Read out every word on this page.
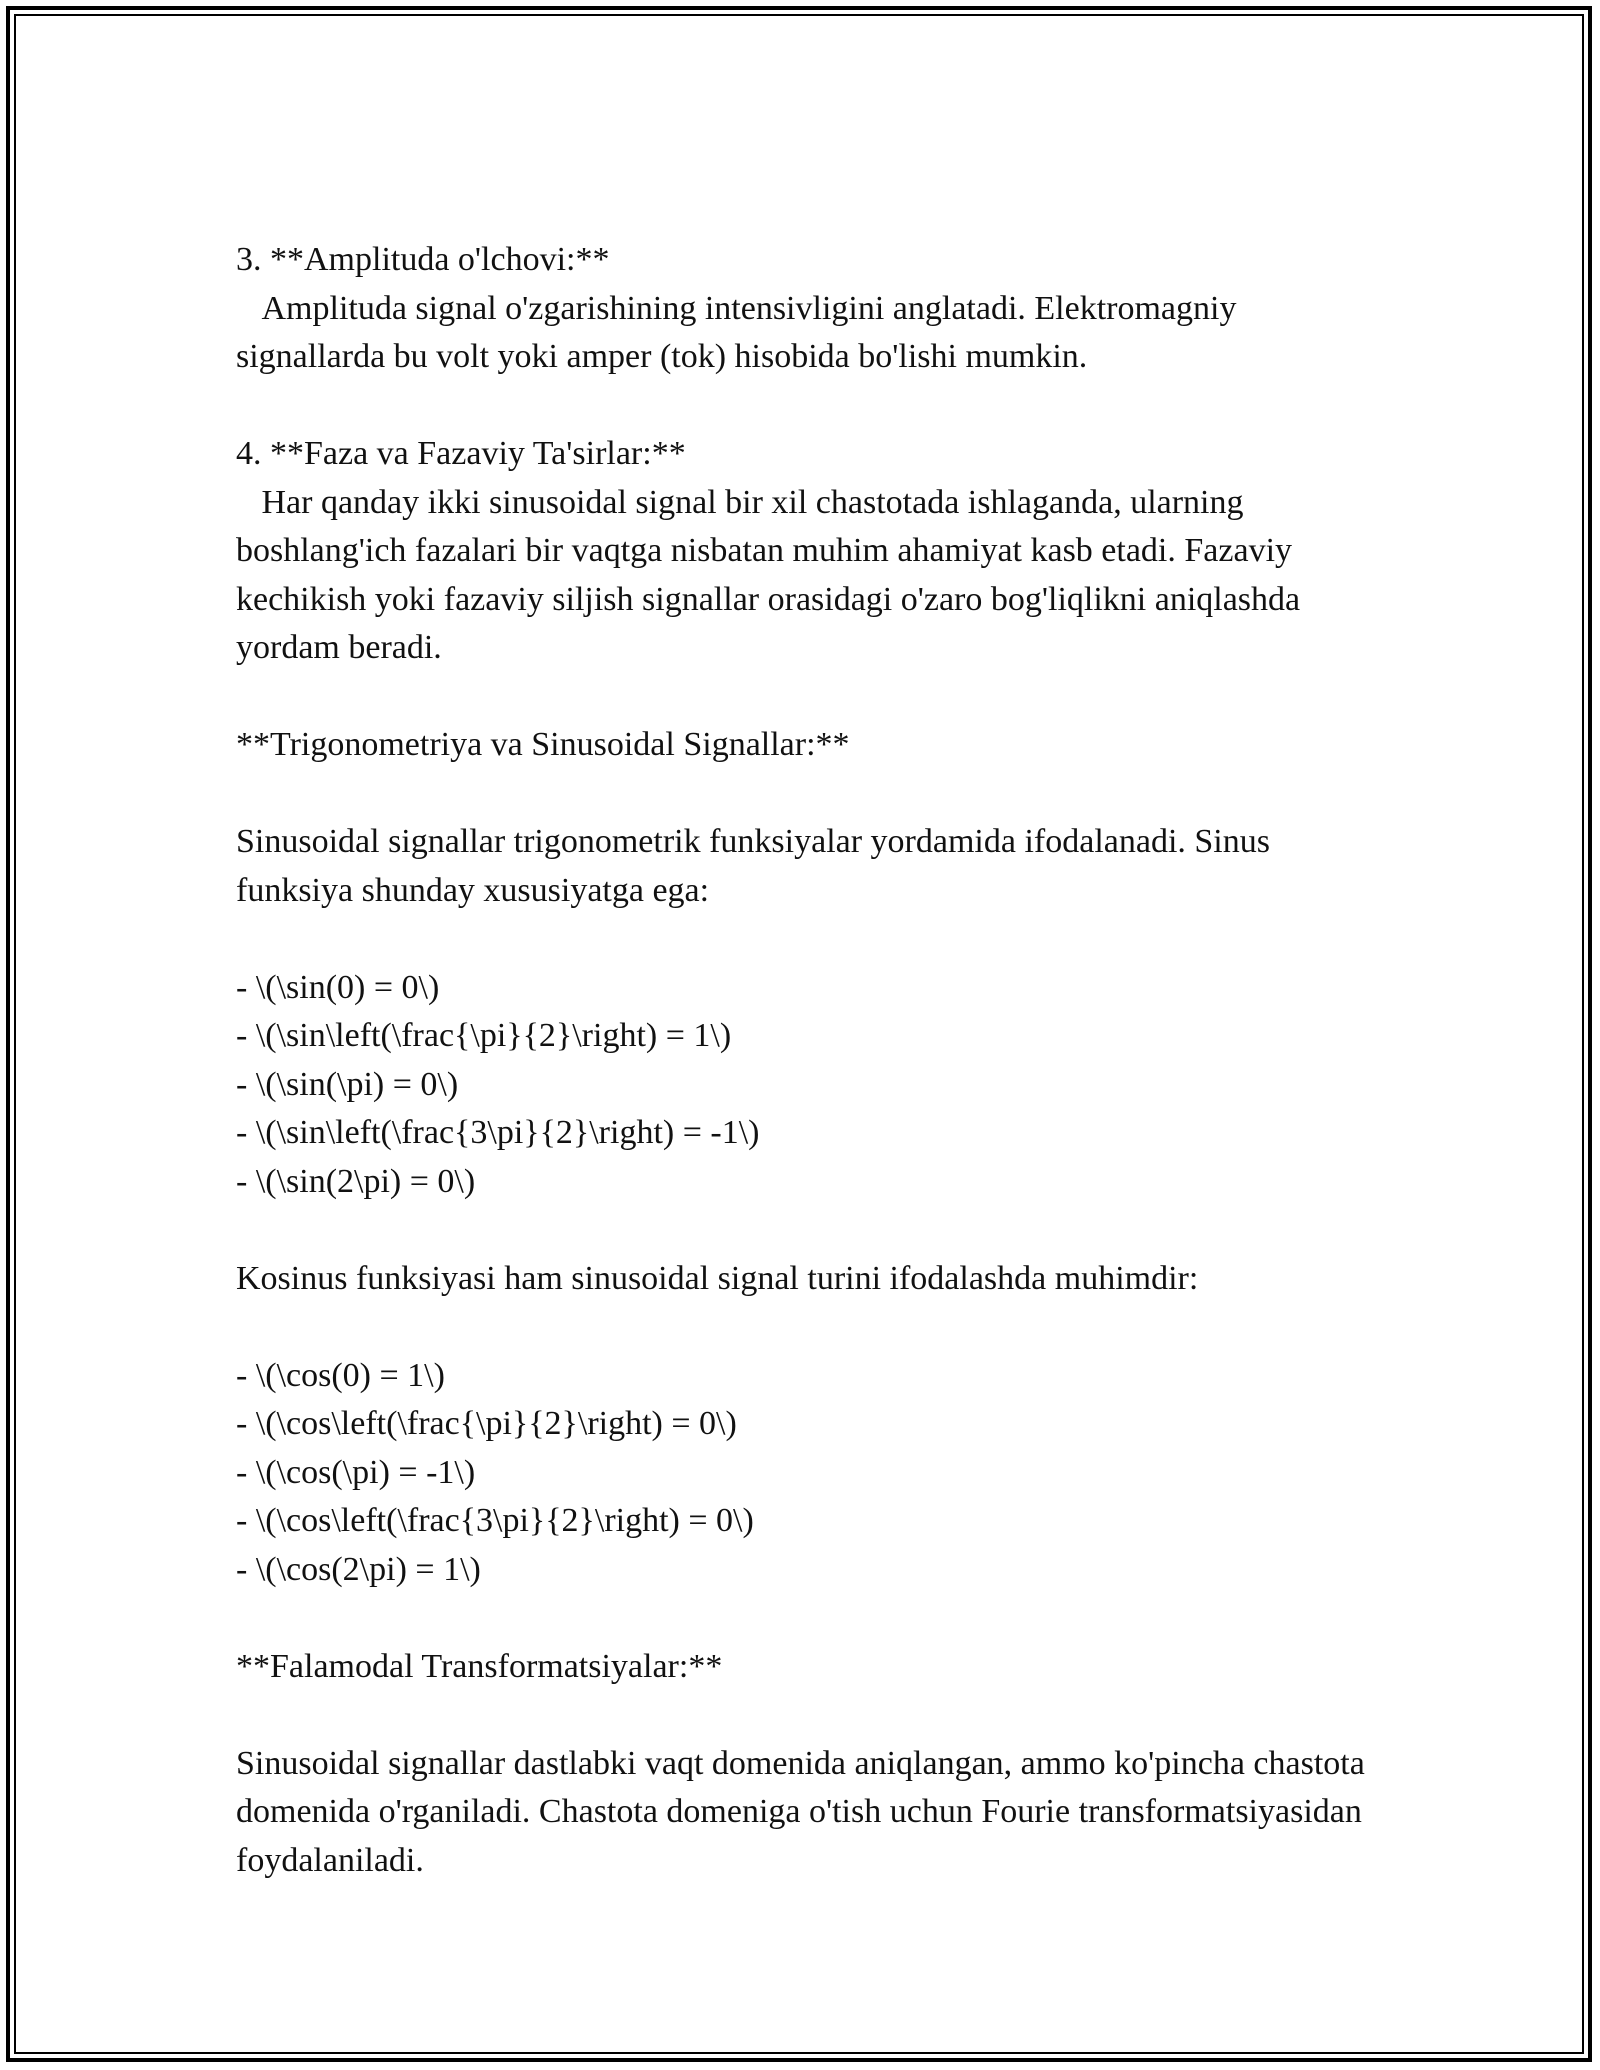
3. **Amplituda o'lchovi:**

Amplituda signal o'zgarishining intensivligini anglatadi. Elektromagniy signallarda bu volt yoki amper (tok) hisobida bo'lishi mumkin.

4. **Faza va Fazaviy Ta'sirlar:**

Har qanday ikki sinusoidal signal bir xil chastotada ishlaganda, ularning boshlang'ich fazalari bir vaqtga nisbatan muhim ahamiyat kasb etadi. Fazaviy kechikish yoki fazaviy siljish signallar orasidagi o'zaro bog'liqlikni aniqlashda yordam beradi.

**Trigonometriya va Sinusoidal Signallar:**

Sinusoidal signallar trigonometrik funksiyalar yordamida ifodalanadi. Sinus funksiya shunday xususiyatga ega:

- \(\sin(0) = 0\)

- \(\sin\left(\frac{\pi}{2}\right) = 1\)

- \(\sin(\pi) = 0\)

- \(\sin\left(\frac{3\pi}{2}\right) = -1\)

- \(\sin(2\pi) = 0\)

Kosinus funksiyasi ham sinusoidal signal turini ifodalashda muhimdir:

- \(\cos(0) = 1\)

- \(\cos\left(\frac{\pi}{2}\right) = 0\)

- \(\cos(\pi) = -1\)

- \(\cos\left(\frac{3\pi}{2}\right) = 0\)

- \(\cos(2\pi) = 1\)

**Falamodal Transformatsiyalar:**

Sinusoidal signallar dastlabki vaqt domenida aniqlangan, ammo ko'pincha chastota domenida o'rganiladi. Chastota domeniga o'tish uchun Fourie transformatsiyasidan foydalaniladi.
